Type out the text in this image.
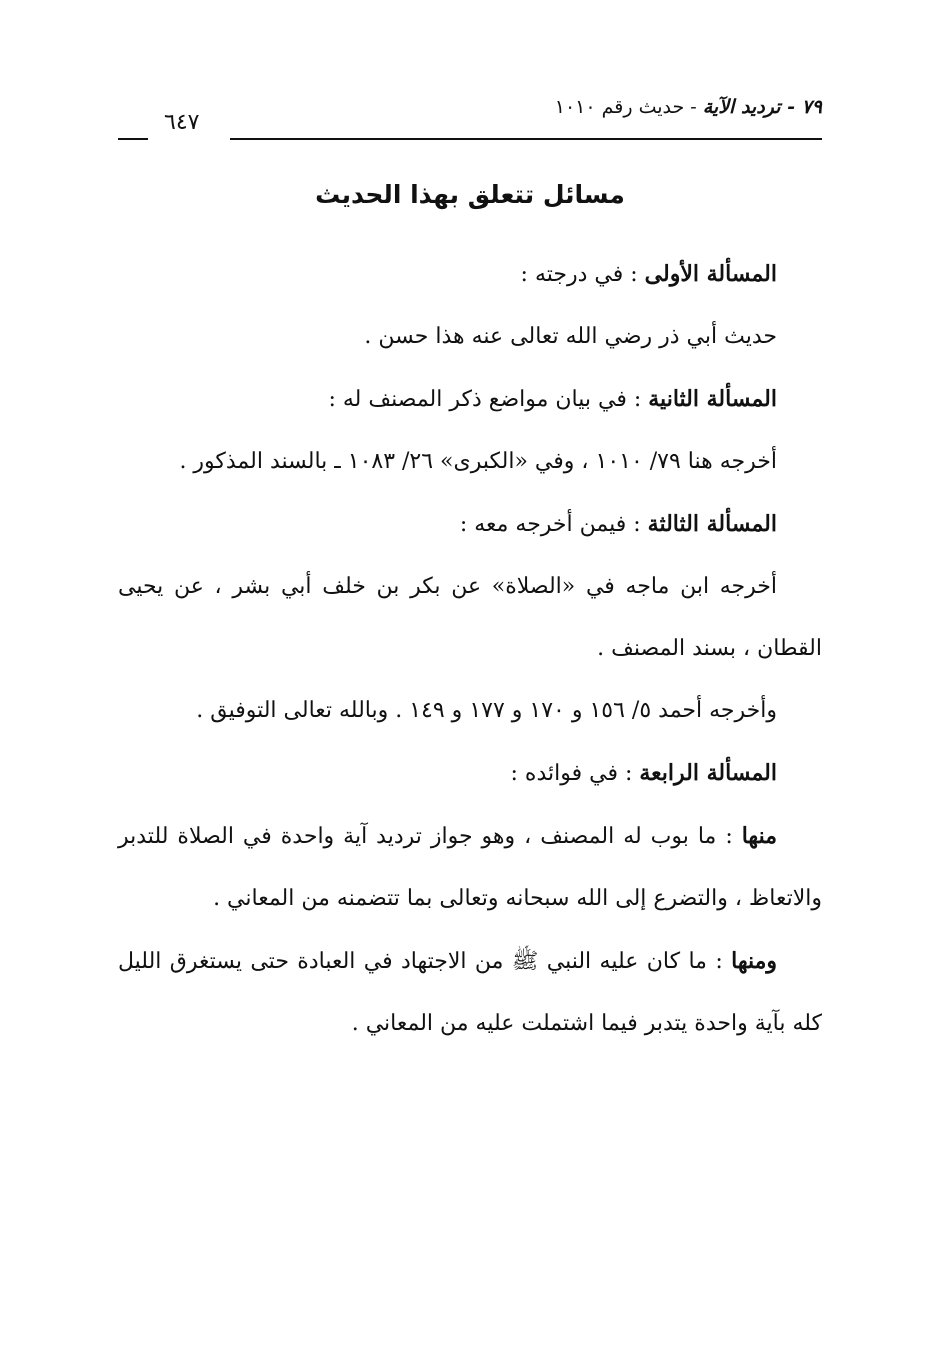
٧٩ - ترديد الآية - حديث رقم ١٠١٠
٦٤٧
مسائل تتعلق بهذا الحديث

المسألة الأولى : في درجته :

حديث أبي ذر رضي الله تعالى عنه هذا حسن .

المسألة الثانية : في بيان مواضع ذكر المصنف له :

أخرجه هنا ٧٩/ ١٠١٠ ، وفي «الكبرى» ٢٦/ ١٠٨٣ ـ بالسند المذكور .

المسألة الثالثة : فيمن أخرجه معه :

أخرجه ابن ماجه في «الصلاة» عن بكر بن خلف أبي بشر ، عن يحيى القطان ، بسند المصنف .

وأخرجه أحمد ٥/ ١٥٦ و ١٧٠ و ١٧٧ و ١٤٩ . وبالله تعالى التوفيق .

المسألة الرابعة : في فوائده :

منها : ما بوب له المصنف ، وهو جواز ترديد آية واحدة في الصلاة للتدبر والاتعاظ ، والتضرع إلى الله سبحانه وتعالى بما تتضمنه من المعاني .

ومنها : ما كان عليه النبي ﷺ من الاجتهاد في العبادة حتى يستغرق الليل كله بآية واحدة يتدبر فيما اشتملت عليه من المعاني .
